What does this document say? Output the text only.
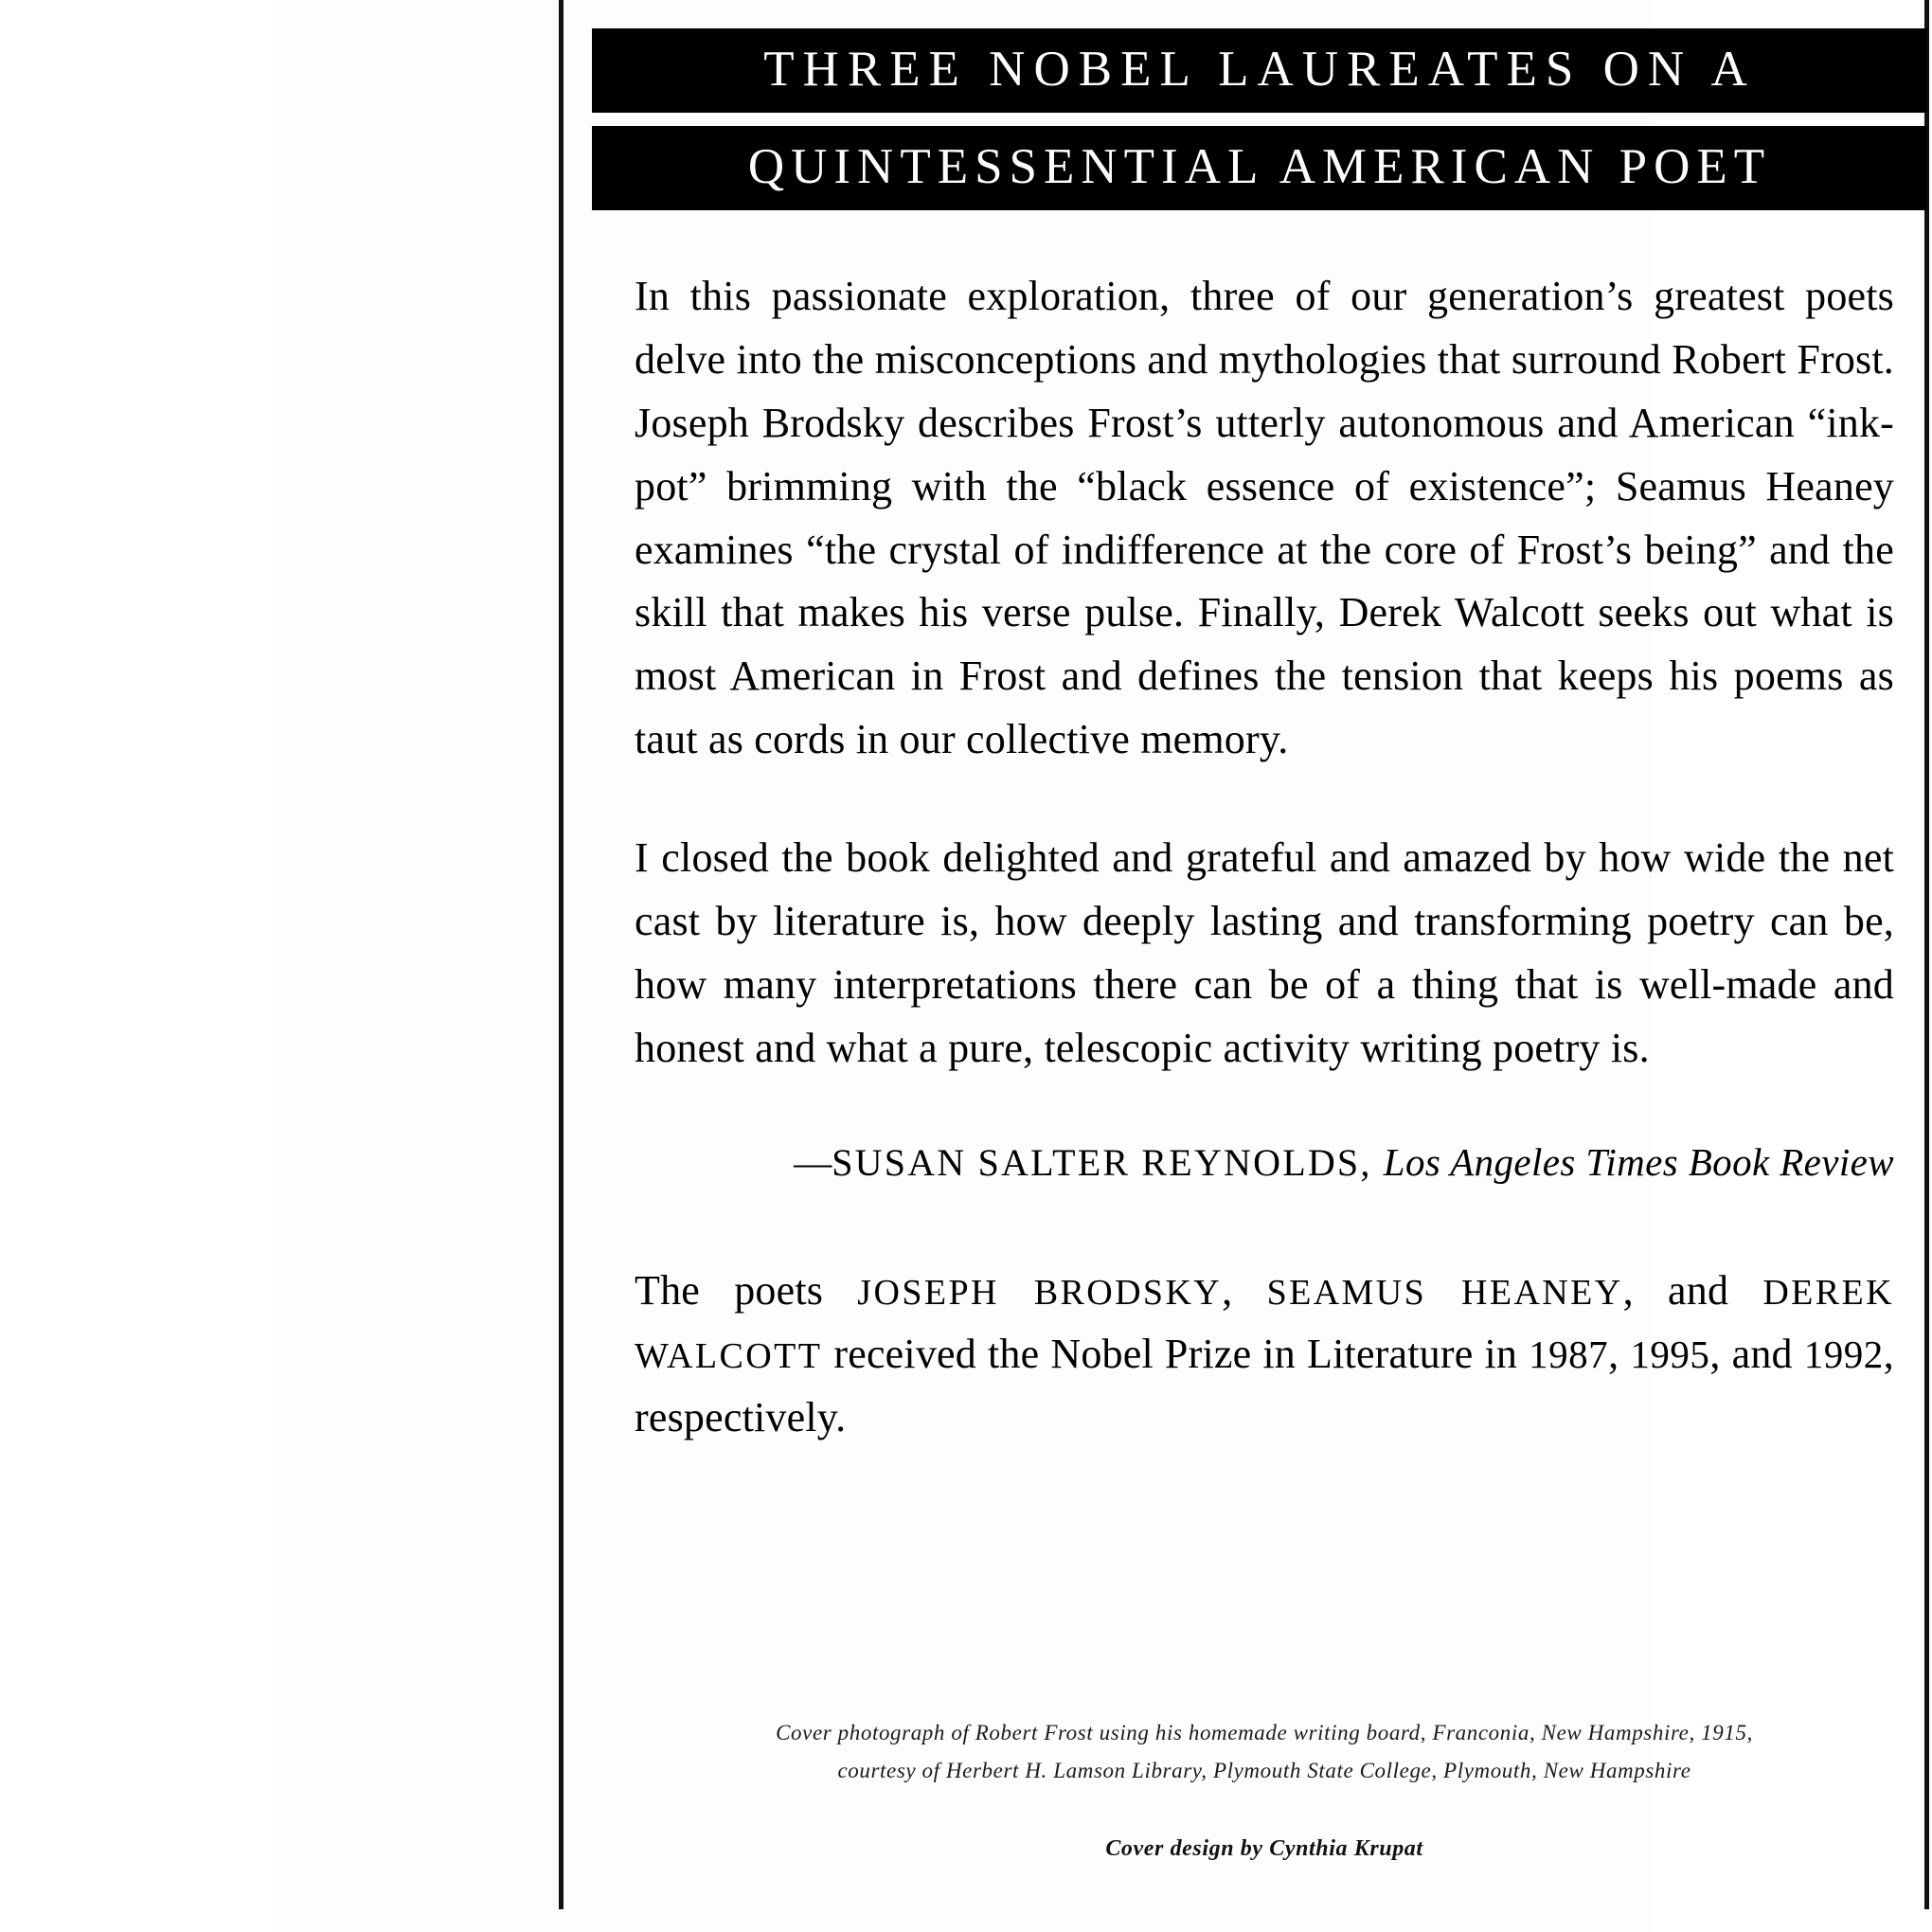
THREE NOBEL LAUREATES ON A
QUINTESSENTIAL AMERICAN POET

In this passionate exploration, three of our generation’s greatest poets delve into the misconceptions and mythologies that surround Robert Frost. Joseph Brodsky describes Frost’s utterly autonomous and American “ink-pot” brimming with the “black essence of existence”; Seamus Heaney examines “the crystal of indifference at the core of Frost’s being” and the skill that makes his verse pulse. Finally, Derek Walcott seeks out what is most American in Frost and defines the tension that keeps his poems as taut as cords in our collective memory.

I closed the book delighted and grateful and amazed by how wide the net cast by literature is, how deeply lasting and transforming poetry can be, how many interpretations there can be of a thing that is well-made and honest and what a pure, telescopic activity writing poetry is.

—SUSAN SALTER REYNOLDS, Los Angeles Times Book Review

The poets JOSEPH BRODSKY, SEAMUS HEANEY, and DEREK WALCOTT received the Nobel Prize in Literature in 1987, 1995, and 1992, respectively.

Cover photograph of Robert Frost using his homemade writing board, Franconia, New Hampshire, 1915,
courtesy of Herbert H. Lamson Library, Plymouth State College, Plymouth, New Hampshire
Cover design by Cynthia Krupat
